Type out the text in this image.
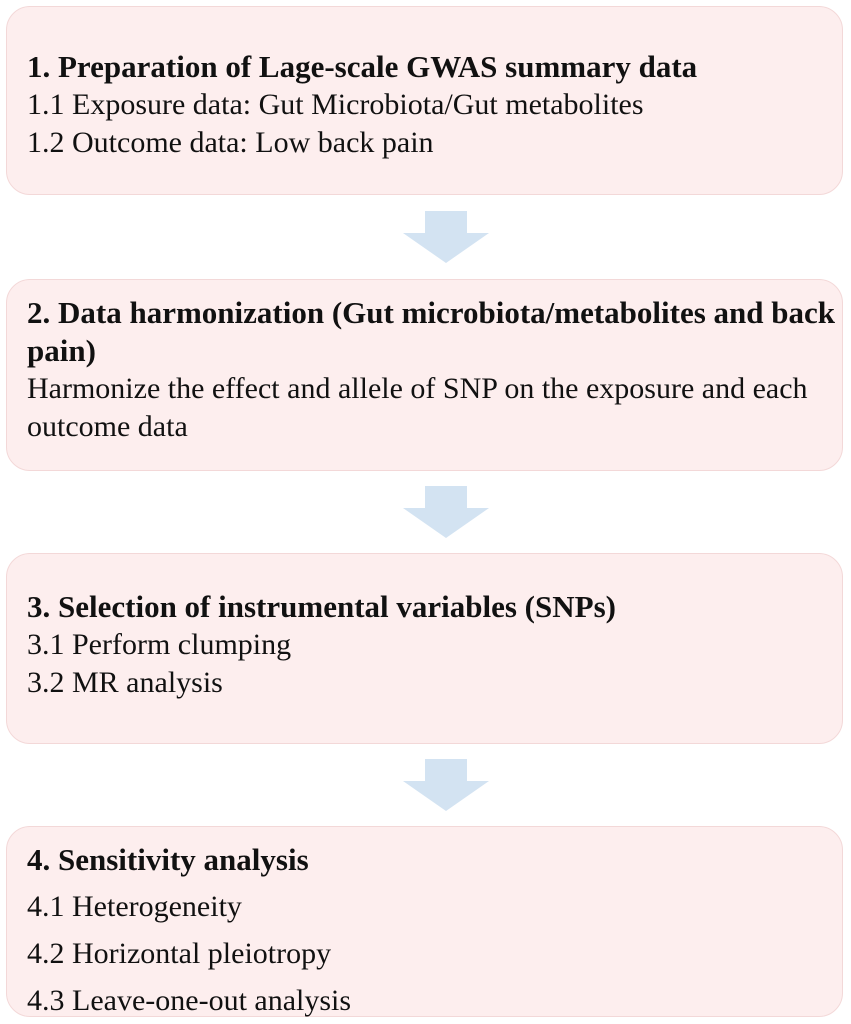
1. Preparation of Lage-scale GWAS summary data

1.1 Exposure data: Gut Microbiota/Gut metabolites

1.2 Outcome data: Low back pain

2. Data harmonization (Gut microbiota/metabolites and back pain)

Harmonize the effect and allele of SNP on the exposure and each outcome data

3. Selection of instrumental variables (SNPs)

3.1 Perform clumping

3.2 MR analysis

4. Sensitivity analysis

4.1 Heterogeneity

4.2 Horizontal pleiotropy

4.3 Leave-one-out analysis
